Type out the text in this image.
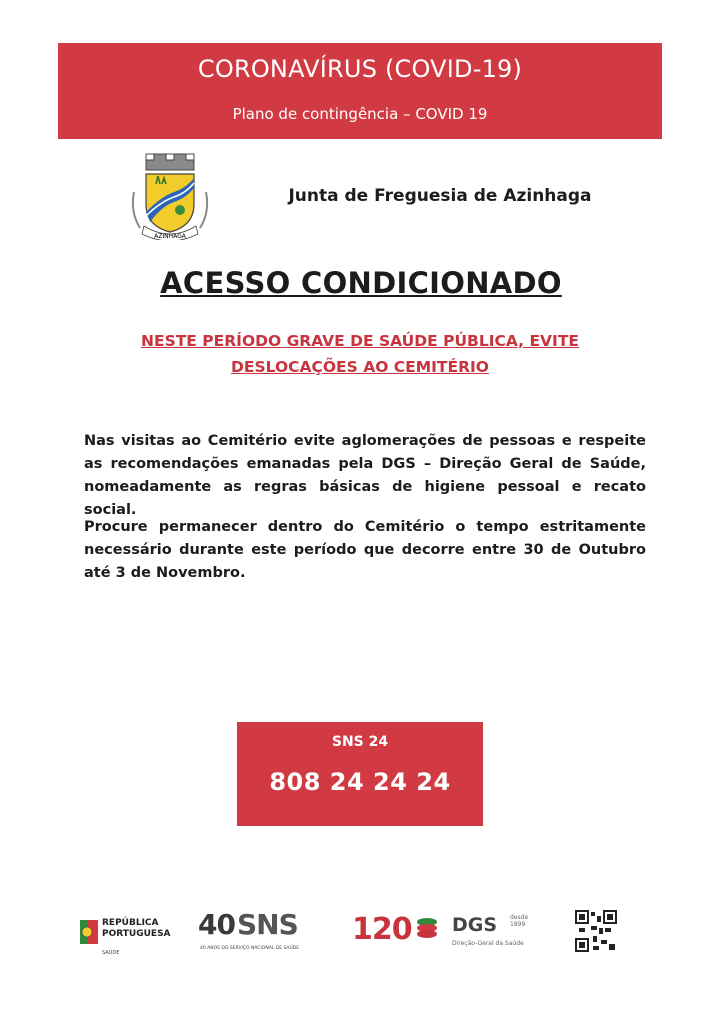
CORONAVÍRUS (COVID-19)
Plano de contingência – COVID 19
AZINHAGA
Junta de Freguesia de Azinhaga
ACESSO CONDICIONADO
NESTE PERÍODO GRAVE DE SAÚDE PÚBLICA, EVITE
DESLOCAÇÕES AO CEMITÉRIO
Nas visitas ao Cemitério evite aglomerações de pessoas e respeite as recomendações emanadas pela DGS – Direção Geral de Saúde, nomeadamente as regras básicas de higiene pessoal e recato social.
Procure permanecer dentro do Cemitério o tempo estritamente necessário durante este período que decorre entre 30 de Outubro até 3 de Novembro.
SNS 24
808 24 24 24
REPÚBLICA
PORTUGUESA
SAÚDE
40SNS
40 ANOS DO SERVIÇO NACIONAL DE SAÚDE
120 DGS desde 1899
Direção-Geral da Saúde
